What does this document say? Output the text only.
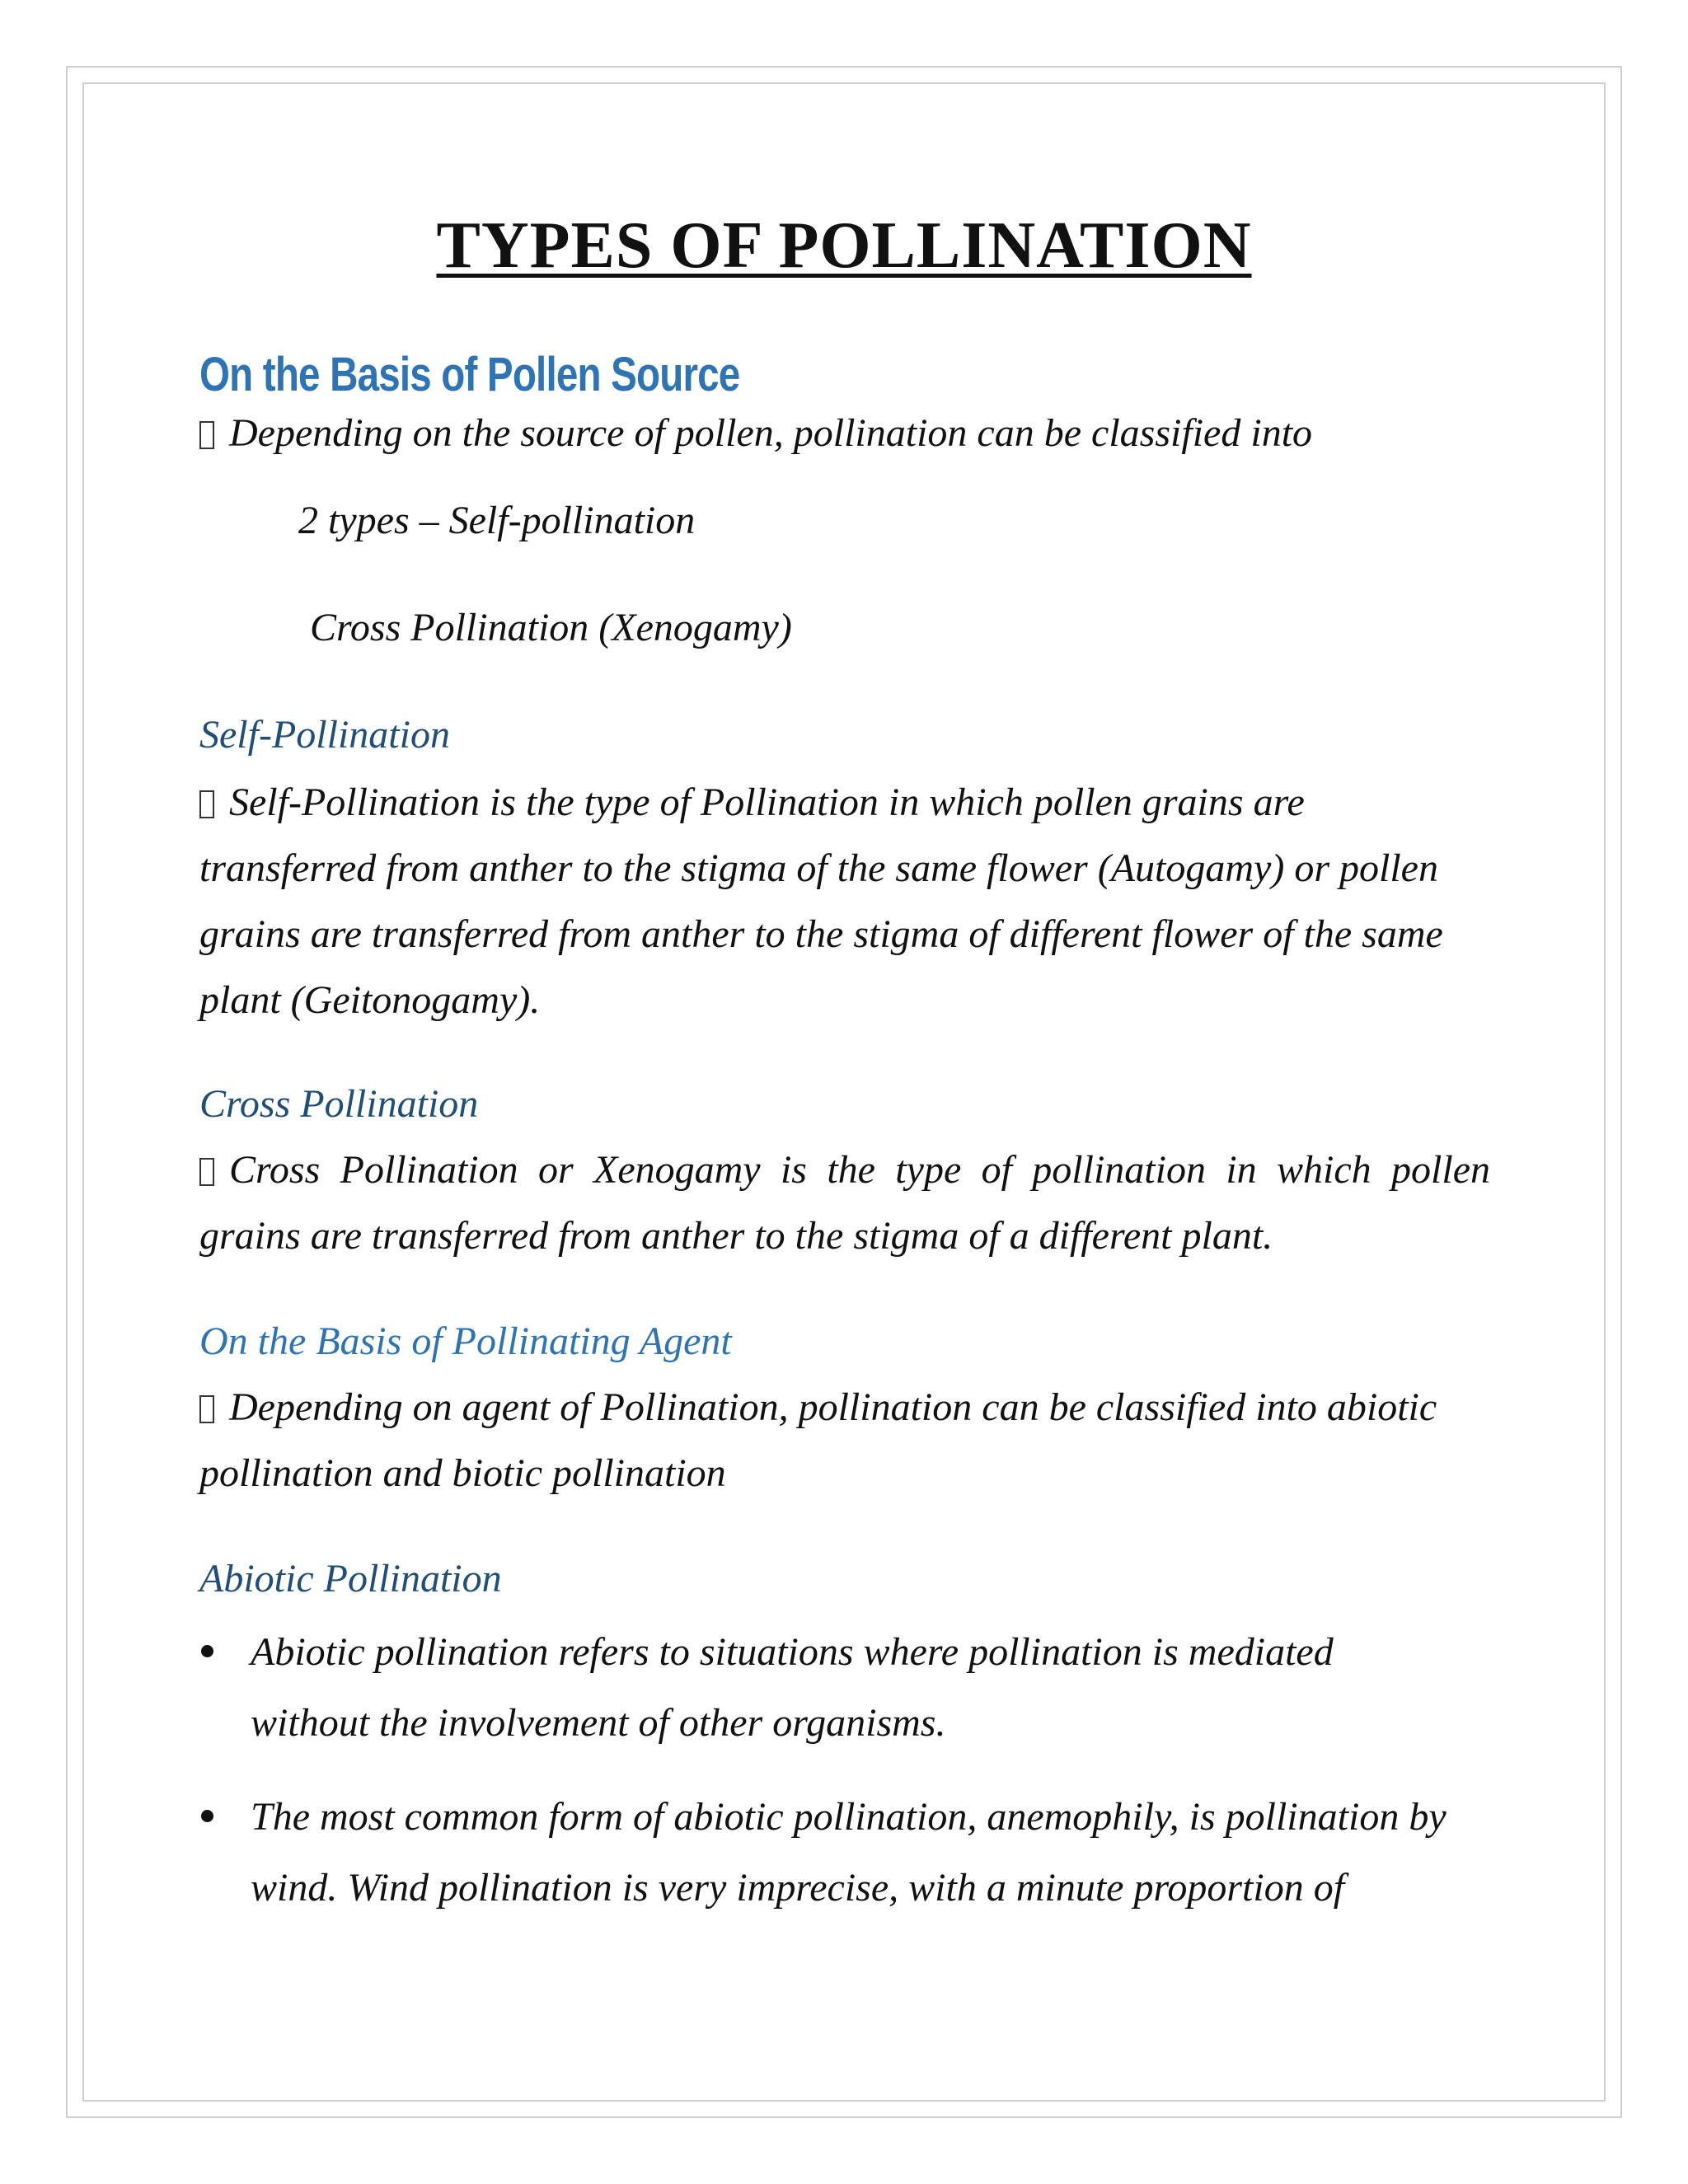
TYPES OF POLLINATION
On the Basis of Pollen Source
Depending on the source of pollen, pollination can be classified into
2 types – Self-pollination
Cross Pollination (Xenogamy)
Self-Pollination
Self-Pollination is the type of Pollination in which pollen grains are
transferred from anther to the stigma of the same flower (Autogamy) or pollen
grains are transferred from anther to the stigma of different flower of the same
plant (Geitonogamy).
Cross Pollination
Cross Pollination or Xenogamy is the type of pollination in which pollen
grains are transferred from anther to the stigma of a different plant.
On the Basis of Pollinating Agent
Depending on agent of Pollination, pollination can be classified into abiotic
pollination and biotic pollination
Abiotic Pollination
Abiotic pollination refers to situations where pollination is mediated
without the involvement of other organisms.
The most common form of abiotic pollination, anemophily, is pollination by
wind. Wind pollination is very imprecise, with a minute proportion of
